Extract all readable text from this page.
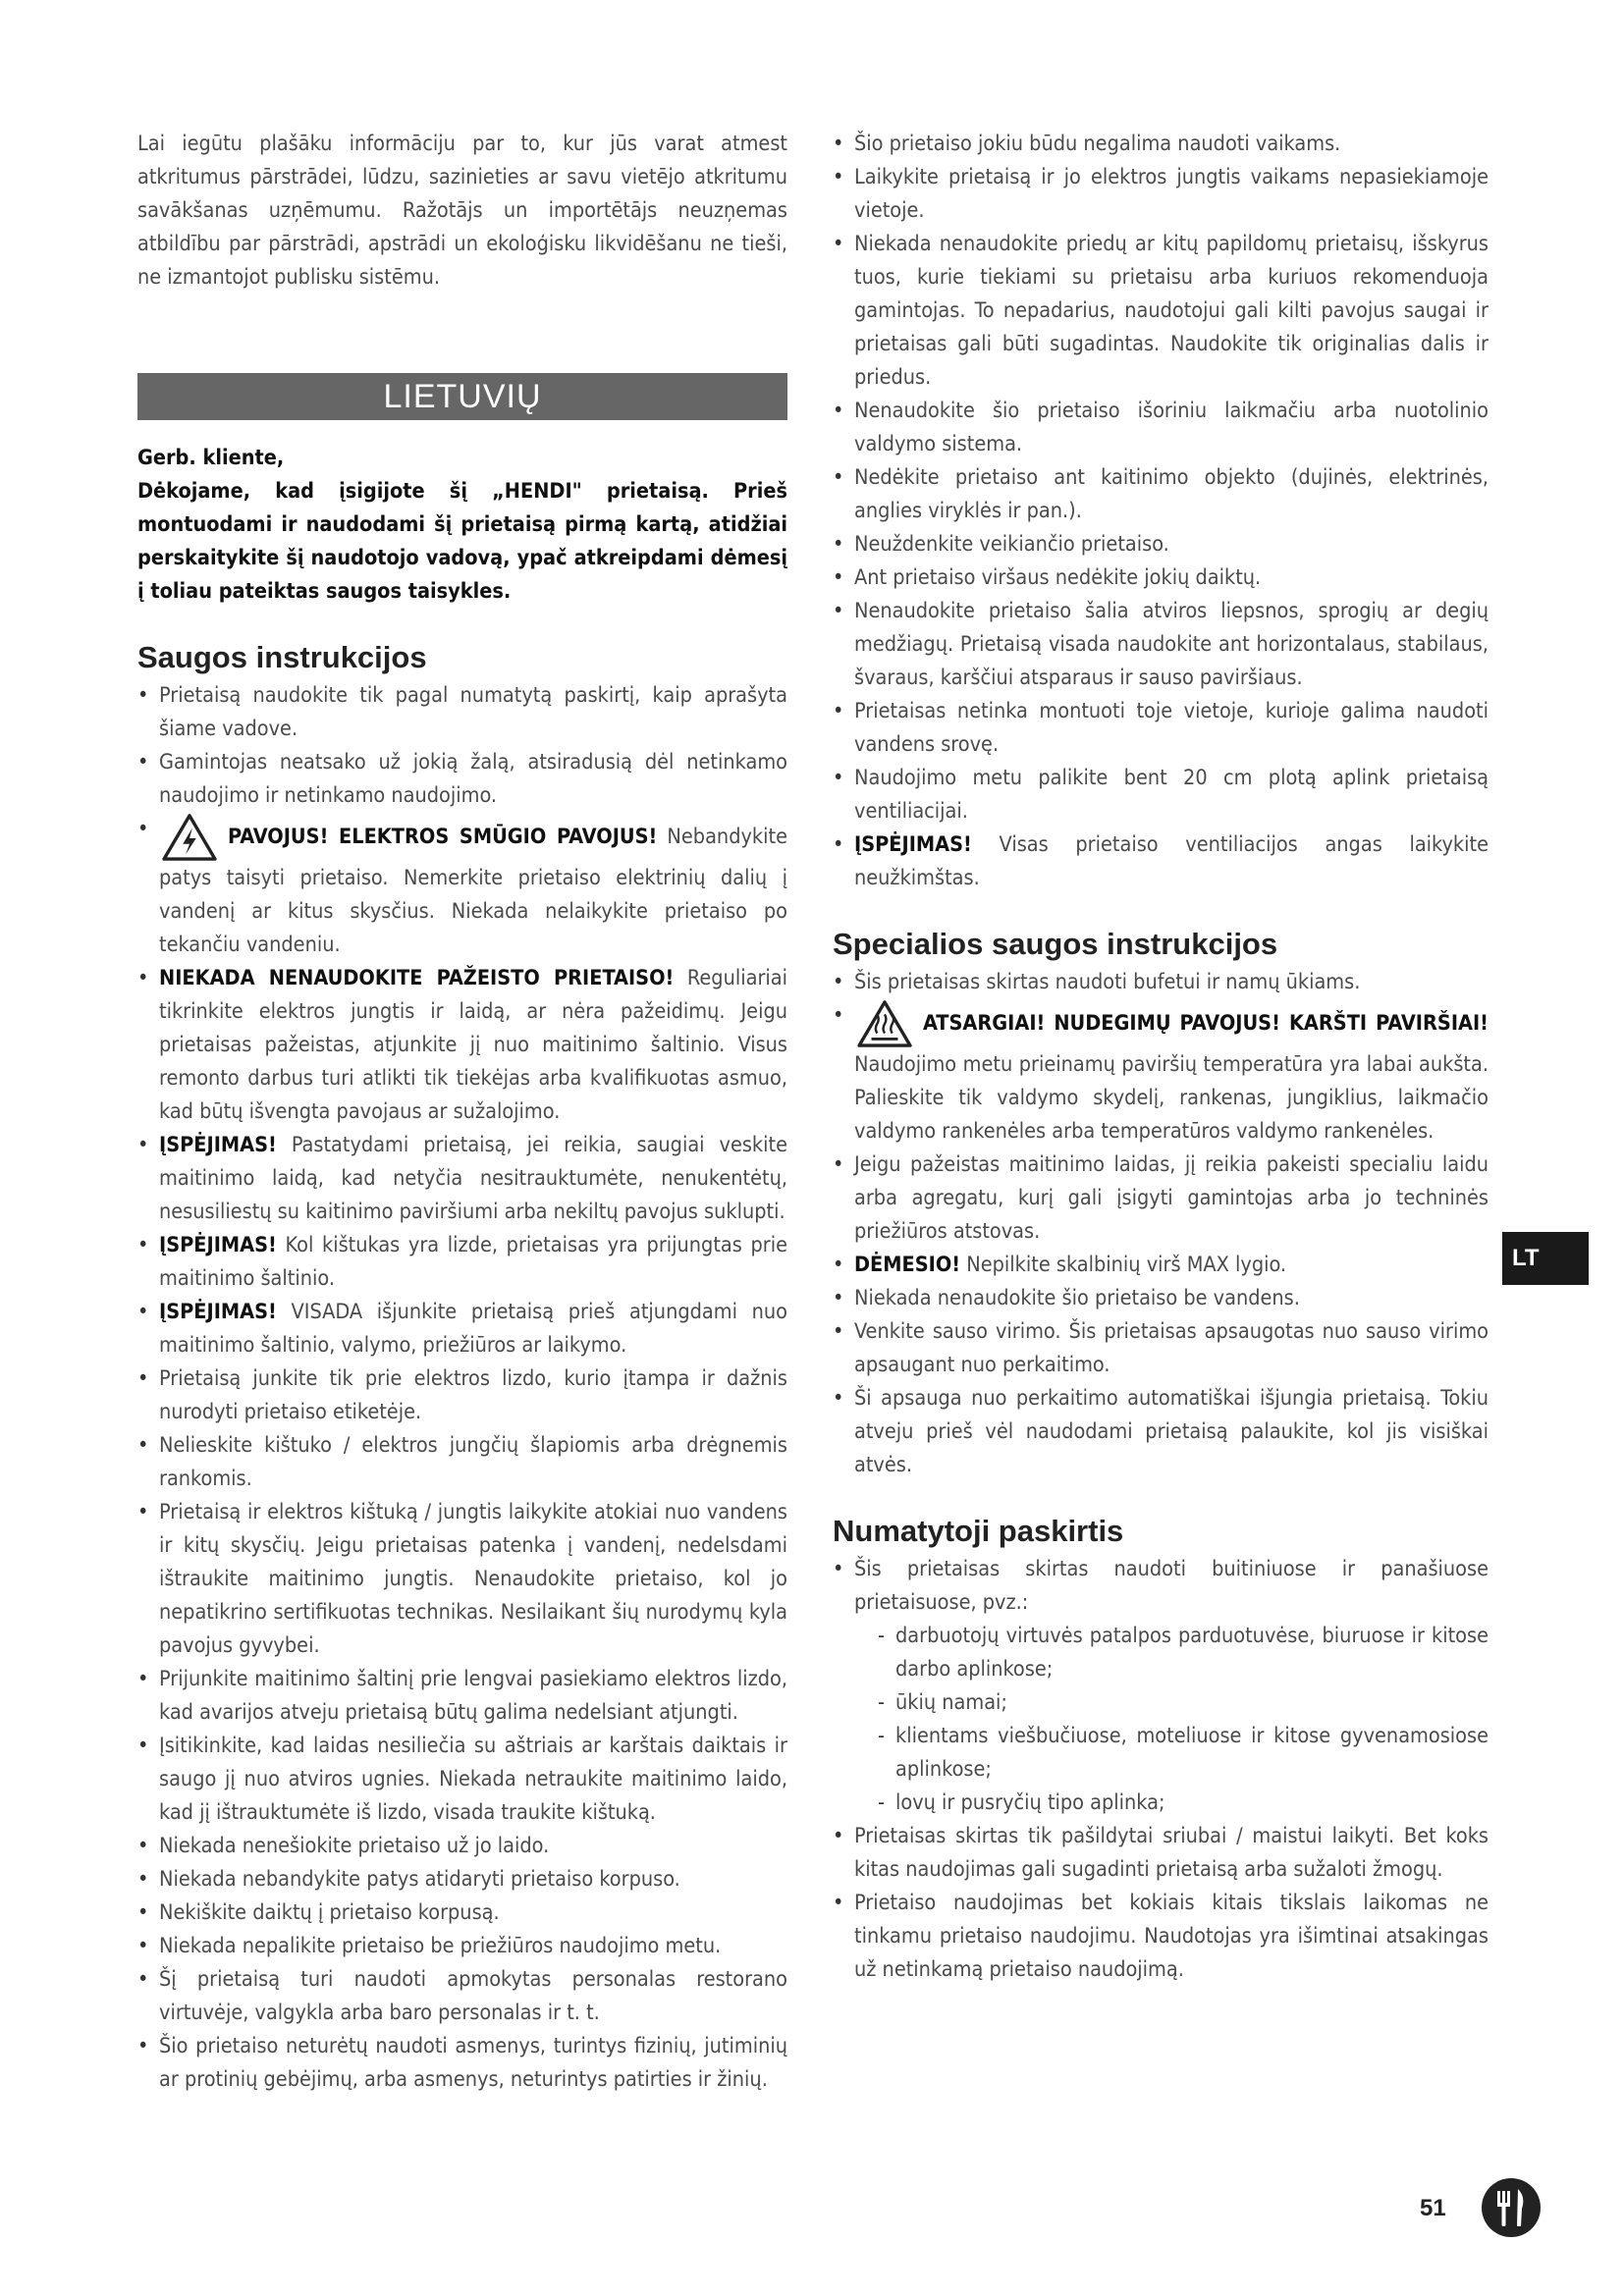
Lai iegūtu plašāku informāciju par to, kur jūs varat atmest atkritumus pārstrādei, lūdzu, sazinieties ar savu vietējo atkritumu savākšanas uzņēmumu. Ražotājs un importētājs neuzņemas atbildību par pārstrādi, apstrādi un ekoloģisku likvidēšanu ne tieši, ne izmantojot publisku sistēmu.

LIETUVIŲ

Gerb. kliente,

Dėkojame, kad įsigijote šį „HENDI" prietaisą. Prieš montuodami ir naudodami šį prietaisą pirmą kartą, atidžiai perskaitykite šį naudotojo vadovą, ypač atkreipdami dėmesį į toliau pateiktas saugos taisykles.

Saugos instrukcijos
• Prietaisą naudokite tik pagal numatytą paskirtį, kaip aprašyta šiame vadove.
• Gamintojas neatsako už jokią žalą, atsiradusią dėl netinkamo naudojimo ir netinkamo naudojimo.
• PAVOJUS! ELEKTROS SMŪGIO PAVOJUS! Nebandykite patys taisyti prietaiso. Nemerkite prietaiso elektrinių dalių į vandenį ar kitus skysčius. Niekada nelaikykite prietaiso po tekančiu vandeniu.
• NIEKADA NENAUDOKITE PAŽEISTO PRIETAISO! Reguliariai tikrinkite elektros jungtis ir laidą, ar nėra pažeidimų. Jeigu prietaisas pažeistas, atjunkite jį nuo maitinimo šaltinio. Visus remonto darbus turi atlikti tik tiekėjas arba kvalifikuotas asmuo, kad būtų išvengta pavojaus ar sužalojimo.
• ĮSPĖJIMAS! Pastatydami prietaisą, jei reikia, saugiai veskite maitinimo laidą, kad netyčia nesitrauktumėte, nenukentėtų, nesusiliestų su kaitinimo paviršiumi arba nekiltų pavojus suklupti.
• ĮSPĖJIMAS! Kol kištukas yra lizde, prietaisas yra prijungtas prie maitinimo šaltinio.
• ĮSPĖJIMAS! VISADA išjunkite prietaisą prieš atjungdami nuo maitinimo šaltinio, valymo, priežiūros ar laikymo.
• Prietaisą junkite tik prie elektros lizdo, kurio įtampa ir dažnis nurodyti prietaiso etiketėje.
• Nelieskite kištuko / elektros jungčių šlapiomis arba drėgnemis rankomis.
• Prietaisą ir elektros kištuką / jungtis laikykite atokiai nuo vandens ir kitų skysčių. Jeigu prietaisas patenka į vandenį, nedelsdami ištraukite maitinimo jungtis. Nenaudokite prietaiso, kol jo nepatikrino sertifikuotas technikas. Nesilaikant šių nurodymų kyla pavojus gyvybei.
• Prijunkite maitinimo šaltinį prie lengvai pasiekiamo elektros lizdo, kad avarijos atveju prietaisą būtų galima nedelsiant atjungti.
• Įsitikinkite, kad laidas nesiliečia su aštriais ar karštais daiktais ir saugo jį nuo atviros ugnies. Niekada netraukite maitinimo laido, kad jį ištrauktumėte iš lizdo, visada traukite kištuką.
• Niekada nenešiokite prietaiso už jo laido.
• Niekada nebandykite patys atidaryti prietaiso korpuso.
• Nekiškite daiktų į prietaiso korpusą.
• Niekada nepalikite prietaiso be priežiūros naudojimo metu.
• Šį prietaisą turi naudoti apmokytas personalas restorano virtuvėje, valgykla arba baro personalas ir t. t.
• Šio prietaiso neturėtų naudoti asmenys, turintys fizinių, jutiminių ar protinių gebėjimų, arba asmenys, neturintys patirties ir žinių.
• Šio prietaiso jokiu būdu negalima naudoti vaikams.
• Laikykite prietaisą ir jo elektros jungtis vaikams nepasiekiamoje vietoje.
• Niekada nenaudokite priedų ar kitų papildomų prietaisų, išskyrus tuos, kurie tiekiami su prietaisu arba kuriuos rekomenduoja gamintojas. To nepadarius, naudotojui gali kilti pavojus saugai ir prietaisas gali būti sugadintas. Naudokite tik originalias dalis ir priedus.
• Nenaudokite šio prietaiso išoriniu laikmačiu arba nuotolinio valdymo sistema.
• Nedėkite prietaiso ant kaitinimo objekto (dujinės, elektrinės, anglies viryklės ir pan.).
• Neuždenkite veikiančio prietaiso.
• Ant prietaiso viršaus nedėkite jokių daiktų.
• Nenaudokite prietaiso šalia atviros liepsnos, sprogių ar degių medžiagų. Prietaisą visada naudokite ant horizontalaus, stabilaus, švaraus, karščiui atsparaus ir sauso paviršiaus.
• Prietaisas netinka montuoti toje vietoje, kurioje galima naudoti vandens srovę.
• Naudojimo metu palikite bent 20 cm plotą aplink prietaisą ventiliacijai.
• ĮSPĖJIMAS! Visas prietaiso ventiliacijos angas laikykite neužkimštas.
Specialios saugos instrukcijos
• Šis prietaisas skirtas naudoti bufetui ir namų ūkiams.
• ATSARGIAI! NUDEGIMŲ PAVOJUS! KARŠTI PAVIRŠIAI! Naudojimo metu prieinamų paviršių temperatūra yra labai aukšta. Palieskite tik valdymo skydelį, rankenas, jungiklius, laikmačio valdymo rankenėles arba temperatūros valdymo rankenėles.
• Jeigu pažeistas maitinimo laidas, jį reikia pakeisti specialiu laidu arba agregatu, kurį gali įsigyti gamintojas arba jo techninės priežiūros atstovas.
• DĖMESIO! Nepilkite skalbinių virš MAX lygio.
• Niekada nenaudokite šio prietaiso be vandens.
• Venkite sauso virimo. Šis prietaisas apsaugotas nuo sauso virimo apsaugant nuo perkaitimo.
• Ši apsauga nuo perkaitimo automatiškai išjungia prietaisą. Tokiu atveju prieš vėl naudodami prietaisą palaukite, kol jis visiškai atvės.
Numatytoji paskirtis
• Šis prietaisas skirtas naudoti buitiniuose ir panašiuose prietaisuose, pvz.:
- darbuotojų virtuvės patalpos parduotuvėse, biuruose ir kitose darbo aplinkose;
- ūkių namai;
- klientams viešbučiuose, moteliuose ir kitose gyvenamosiose aplinkose;
- lovų ir pusryčių tipo aplinka;
• Prietaisas skirtas tik pašildytai sriubai / maistui laikyti. Bet koks kitas naudojimas gali sugadinti prietaisą arba sužaloti žmogų.
• Prietaiso naudojimas bet kokiais kitais tikslais laikomas ne tinkamu prietaiso naudojimu. Naudotojas yra išimtinai atsakingas už netinkamą prietaiso naudojimą.
LT
51
